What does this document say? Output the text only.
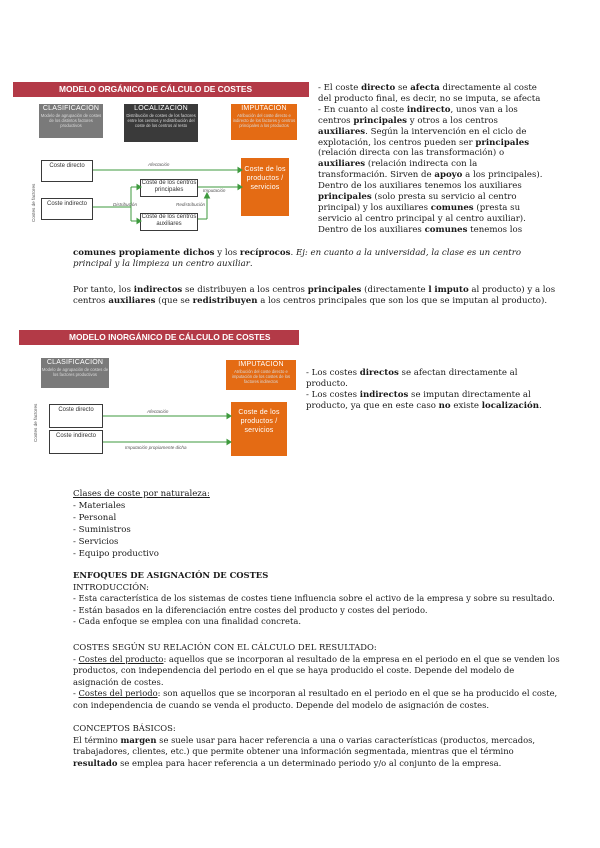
MODELO ORGÁNICO DE CÁLCULO DE COSTES
CLASIFICACIÓN
Modelo de agrupación de costes de los distintos factores productivos
LOCALIZACIÓN
Distribución de costes de los factores entre los centros y redistribución del coste de los centros al resto
IMPUTACIÓN
Atribución del coste directo e indirecto de los factores y centros principales a los productos
Costes de factores
Coste directo
Coste indirecto
Coste de los centros principales
Coste de los centros auxiliares
Coste de los productos / servicios
Afectación
Imputación
Distribución	Redistribución
- El coste directo se afecta directamente al coste
del producto final, es decir, no se imputa, se afecta
- En cuanto al coste indirecto, unos van a los
centros principales y otros a los centros
auxiliares. Según la intervención en el ciclo de
explotación, los centros pueden ser principales
(relación directa con las transformación) o
auxiliares (relación indirecta con la
transformación. Sirven de apoyo a los principales).
Dentro de los auxiliares tenemos los auxiliares
principales (solo presta su servicio al centro
principal) y los auxiliares comunes (presta su
servicio al centro principal y al centro auxiliar).
Dentro de los auxiliares comunes tenemos los
comunes propiamente dichos y los recíprocos. Ej: en cuanto a la universidad, la clase es un centro
principal y la limpieza un centro auxiliar.
Por tanto, los indirectos se distribuyen a los centros principales (directamente l imputo al producto) y a los
centros auxiliares (que se redistribuyen a los centros principales que son los que se imputan al producto).
MODELO INORGÁNICO DE CÁLCULO DE COSTES
CLASIFICACIÓN
Modelo de agrupación de costes de los factores productivos
IMPUTACIÓN
Atribución del coste directo e imputación de los costes de los factores indirectos
Costes de factores	Coste directo
Coste indirecto
Coste de los productos / servicios
Afectación
Imputación propiamente dicha
- Los costes directos se afectan directamente al
producto.
- Los costes indirectos se imputan directamente al
producto, ya que en este caso no existe localización.
Clases de coste por naturaleza:
- Materiales
- Personal
- Suministros
- Servicios
- Equipo productivo
ENFOQUES DE ASIGNACIÓN DE COSTES
INTRODUCCIÓN:
- Esta característica de los sistemas de costes tiene influencia sobre el activo de la empresa y sobre su resultado.
- Están basados en la diferenciación entre costes del producto y costes del periodo.
- Cada enfoque se emplea con una finalidad concreta.
COSTES SEGÚN SU RELACIÓN CON EL CÁLCULO DEL RESULTADO:
- Costes del producto: aquellos que se incorporan al resultado de la empresa en el periodo en el que se venden los
productos, con independencia del periodo en el que se haya producido el coste. Depende del modelo de
asignación de costes.
- Costes del periodo: son aquellos que se incorporan al resultado en el periodo en el que se ha producido el coste,
con independencia de cuando se venda el producto. Depende del modelo de asignación de costes.
CONCEPTOS BÁSICOS:
El término margen se suele usar para hacer referencia a una o varias características (productos, mercados,
trabajadores, clientes, etc.) que permite obtener una información segmentada, mientras que el término
resultado se emplea para hacer referencia a un determinado periodo y/o al conjunto de la empresa.
